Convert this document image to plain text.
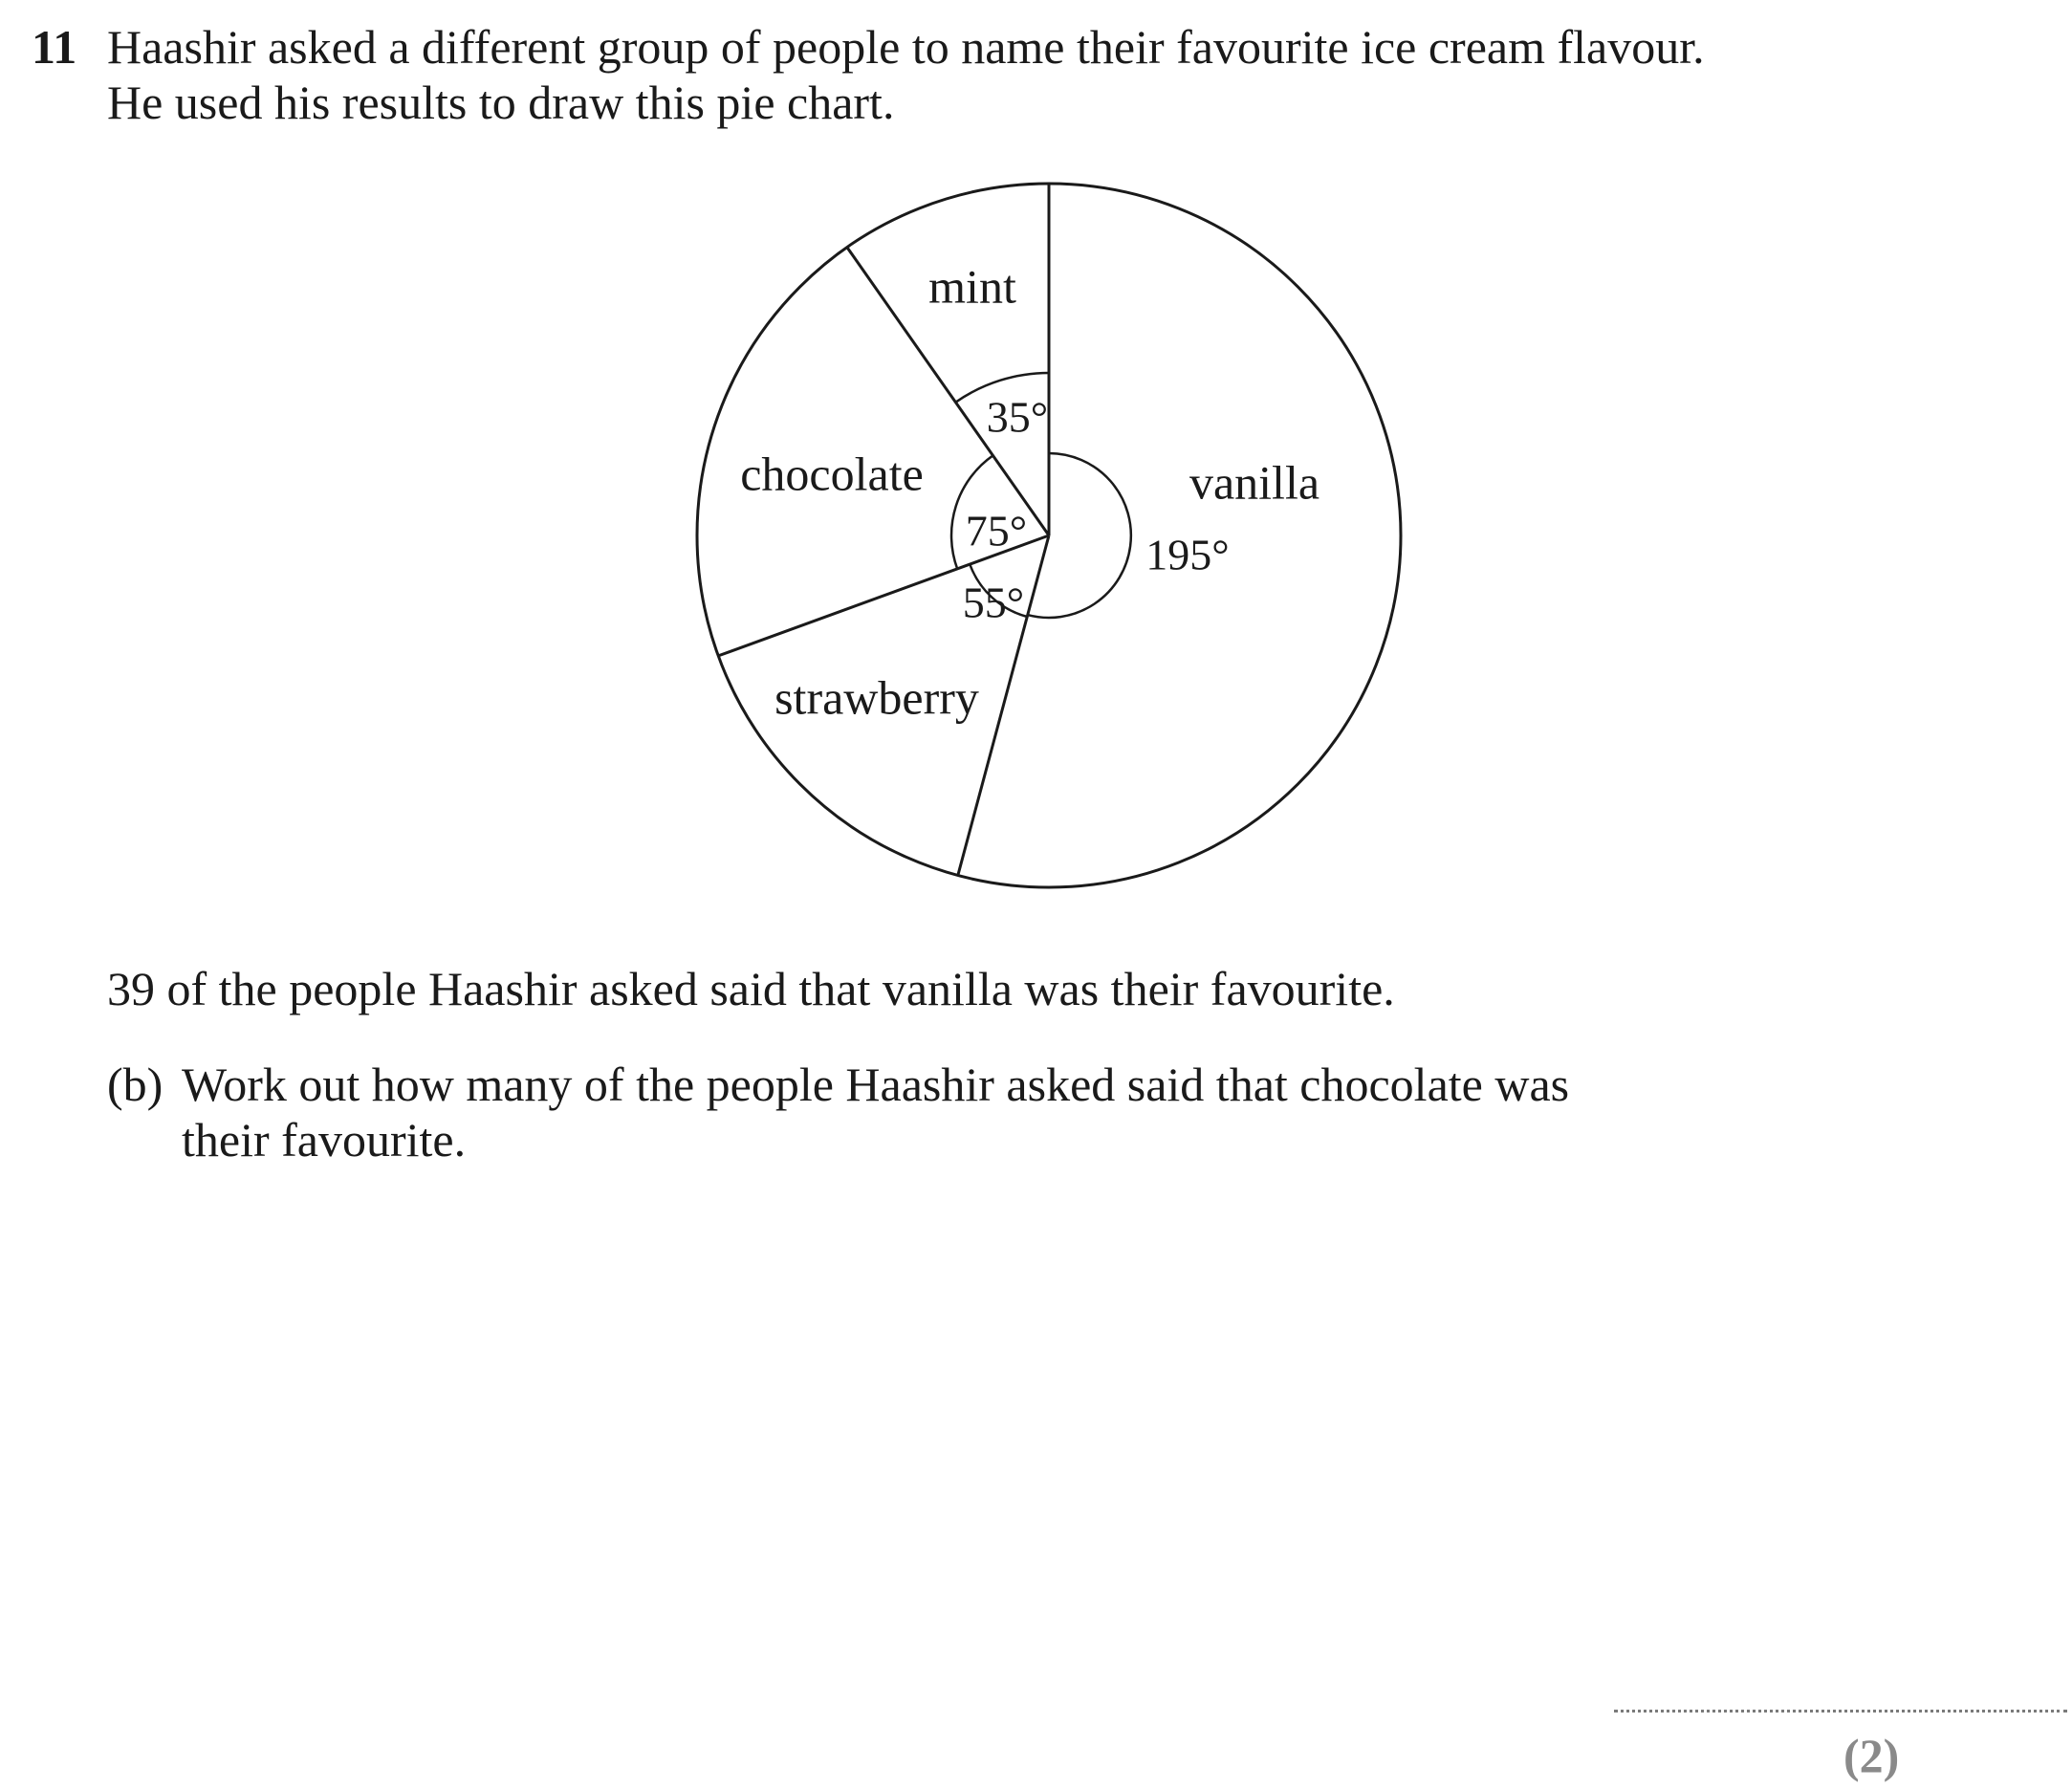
11 Haashir asked a different group of people to name their favourite ice cream flavour.
He used his results to draw this pie chart.
195°
vanilla
55°
strawberry
75°
chocolate
35°
mint
39 of the people Haashir asked said that vanilla was their favourite.
(b) Work out how many of the people Haashir asked said that chocolate was
their favourite.
(2)
